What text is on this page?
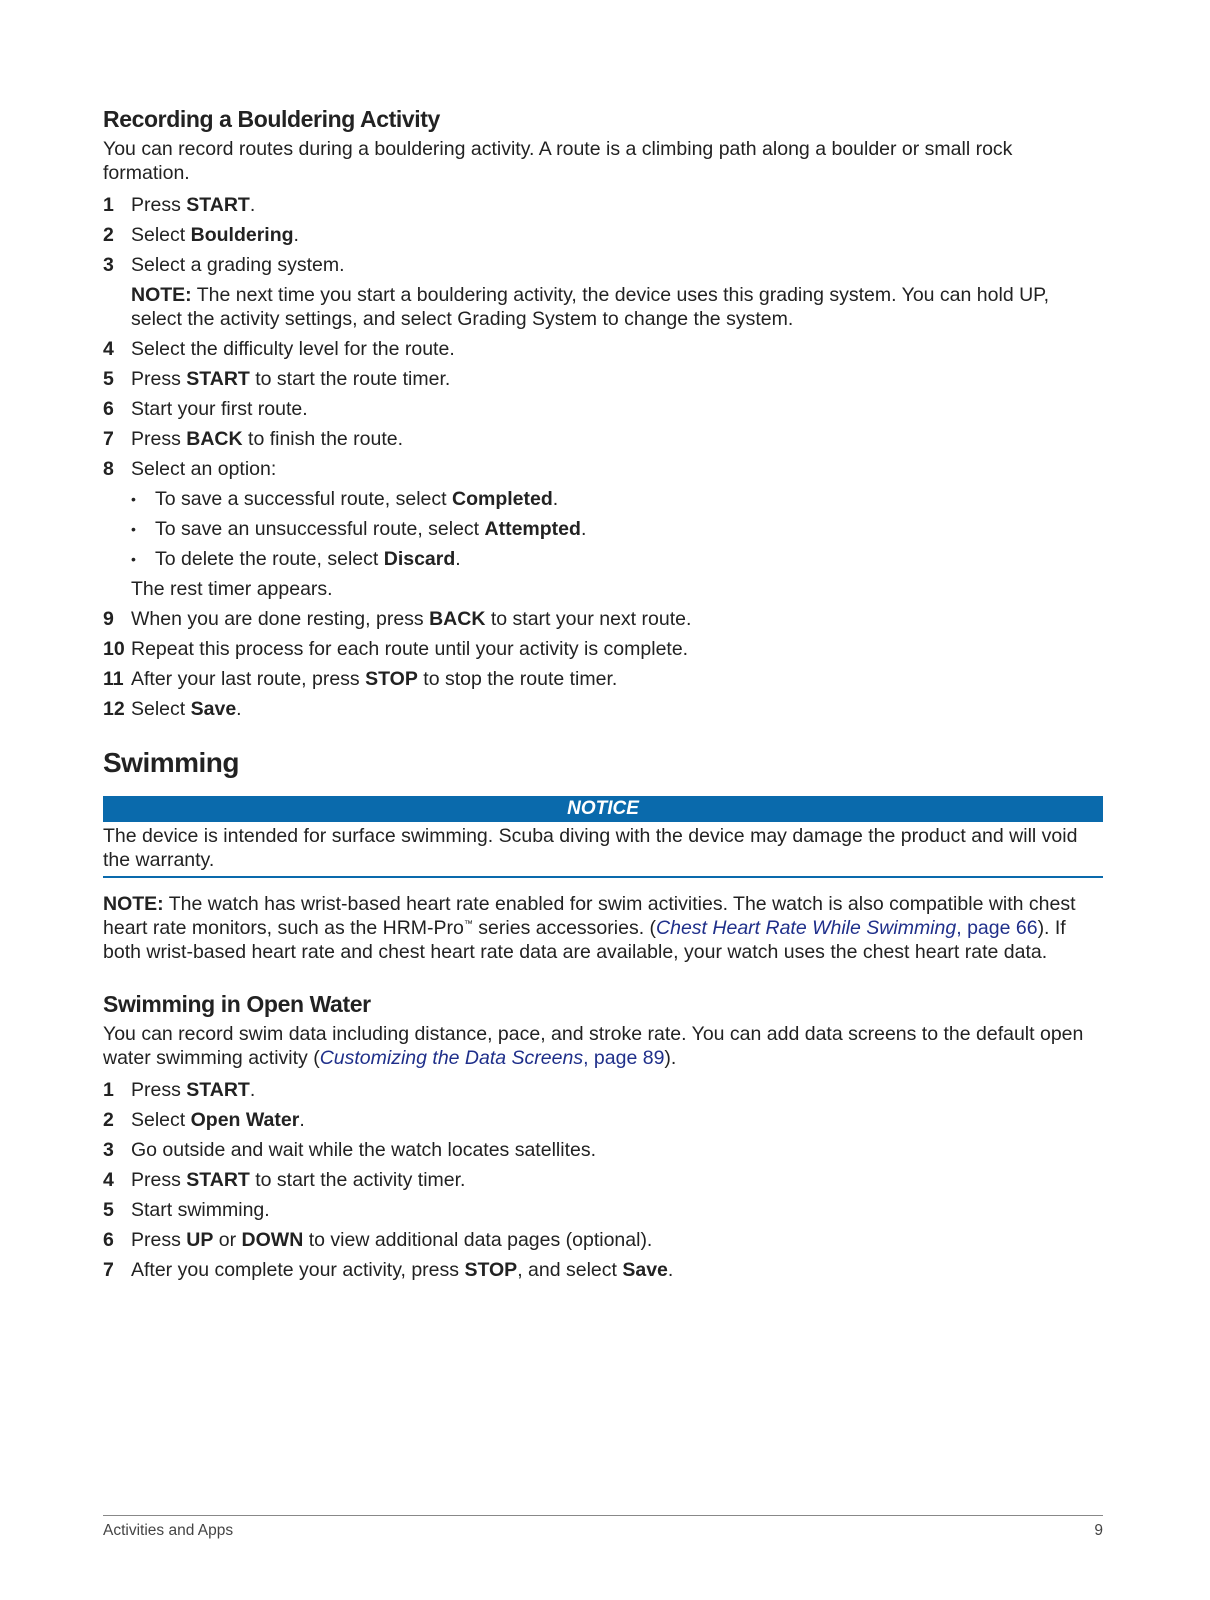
Recording a Bouldering Activity

You can record routes during a bouldering activity. A route is a climbing path along a boulder or small rock formation.

1 Press START.
2 Select Bouldering.
3 Select a grading system.
NOTE: The next time you start a bouldering activity, the device uses this grading system. You can hold UP, select the activity settings, and select Grading System to change the system.
4 Select the difficulty level for the route.
5 Press START to start the route timer.
6 Start your first route.
7 Press BACK to finish the route.
8 Select an option:
• To save a successful route, select Completed.
• To save an unsuccessful route, select Attempted.
• To delete the route, select Discard.
The rest timer appears.
9 When you are done resting, press BACK to start your next route.
10 Repeat this process for each route until your activity is complete.
11 After your last route, press STOP to stop the route timer.
12 Select Save.
Swimming
NOTICE
The device is intended for surface swimming. Scuba diving with the device may damage the product and will void the warranty.

NOTE: The watch has wrist-based heart rate enabled for swim activities. The watch is also compatible with chest heart rate monitors, such as the HRM-Pro™ series accessories. (Chest Heart Rate While Swimming, page 66). If both wrist-based heart rate and chest heart rate data are available, your watch uses the chest heart rate data.

Swimming in Open Water

You can record swim data including distance, pace, and stroke rate. You can add data screens to the default open water swimming activity (Customizing the Data Screens, page 89).

1 Press START.
2 Select Open Water.
3 Go outside and wait while the watch locates satellites.
4 Press START to start the activity timer.
5 Start swimming.
6 Press UP or DOWN to view additional data pages (optional).
7 After you complete your activity, press STOP, and select Save.
Activities and Apps	9
